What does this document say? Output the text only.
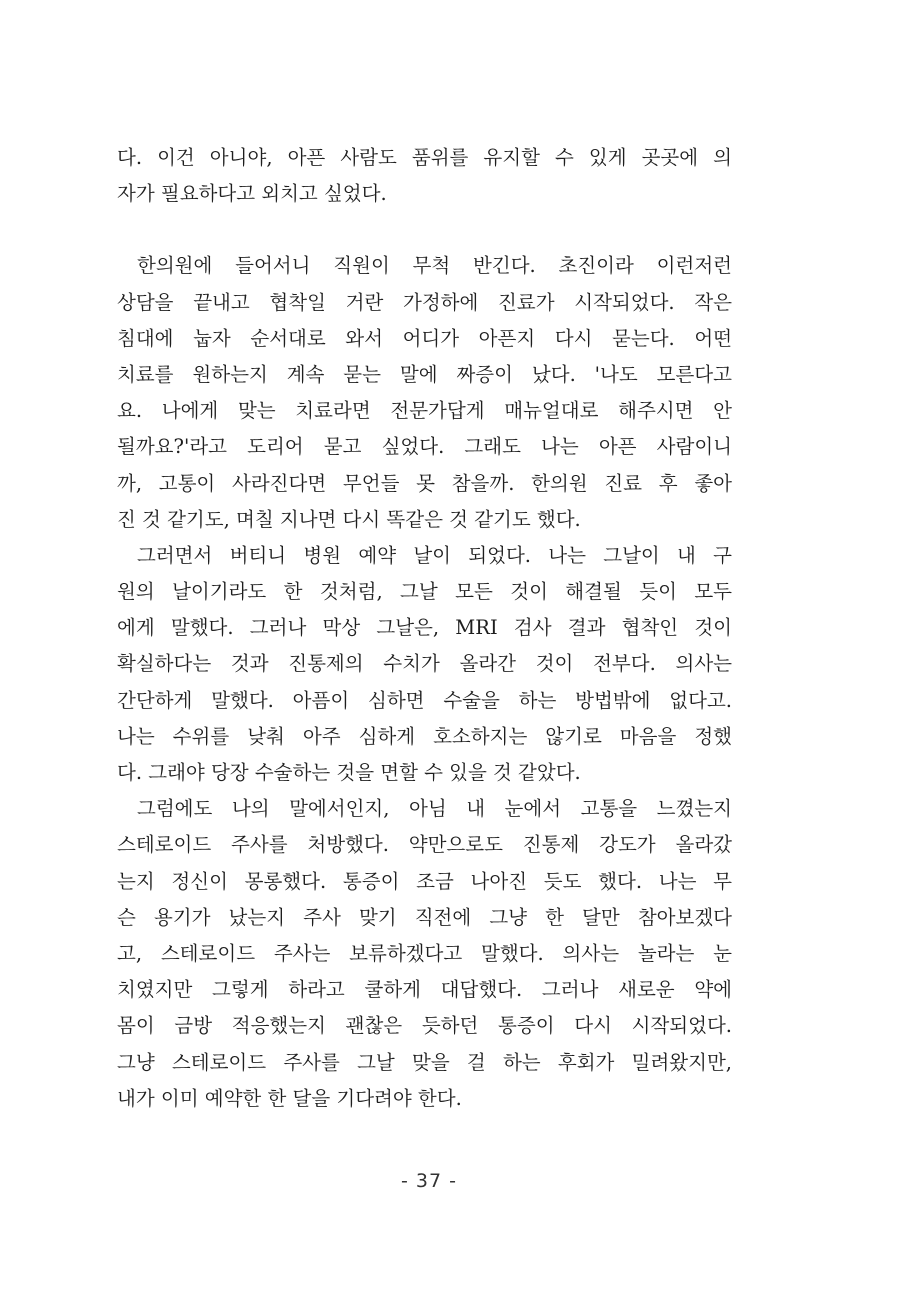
다. 이건 아니야, 아픈 사람도 품위를 유지할 수 있게 곳곳에 의
자가 필요하다고 외치고 싶었다.
한의원에 들어서니 직원이 무척 반긴다. 초진이라 이런저런
상담을 끝내고 협착일 거란 가정하에 진료가 시작되었다. 작은
침대에 눕자 순서대로 와서 어디가 아픈지 다시 묻는다. 어떤
치료를 원하는지 계속 묻는 말에 짜증이 났다. '나도 모른다고
요. 나에게 맞는 치료라면 전문가답게 매뉴얼대로 해주시면 안
될까요?'라고 도리어 묻고 싶었다. 그래도 나는 아픈 사람이니
까, 고통이 사라진다면 무언들 못 참을까. 한의원 진료 후 좋아
진 것 같기도, 며칠 지나면 다시 똑같은 것 같기도 했다.
그러면서 버티니 병원 예약 날이 되었다. 나는 그날이 내 구
원의 날이기라도 한 것처럼, 그날 모든 것이 해결될 듯이 모두
에게 말했다. 그러나 막상 그날은, MRI 검사 결과 협착인 것이
확실하다는 것과 진통제의 수치가 올라간 것이 전부다. 의사는
간단하게 말했다. 아픔이 심하면 수술을 하는 방법밖에 없다고.
나는 수위를 낮춰 아주 심하게 호소하지는 않기로 마음을 정했
다. 그래야 당장 수술하는 것을 면할 수 있을 것 같았다.
그럼에도 나의 말에서인지, 아님 내 눈에서 고통을 느꼈는지
스테로이드 주사를 처방했다. 약만으로도 진통제 강도가 올라갔
는지 정신이 몽롱했다. 통증이 조금 나아진 듯도 했다. 나는 무
슨 용기가 났는지 주사 맞기 직전에 그냥 한 달만 참아보겠다
고, 스테로이드 주사는 보류하겠다고 말했다. 의사는 놀라는 눈
치였지만 그렇게 하라고 쿨하게 대답했다. 그러나 새로운 약에
몸이 금방 적응했는지 괜찮은 듯하던 통증이 다시 시작되었다.
그냥 스테로이드 주사를 그날 맞을 걸 하는 후회가 밀려왔지만,
내가 이미 예약한 한 달을 기다려야 한다.
- 37 -
